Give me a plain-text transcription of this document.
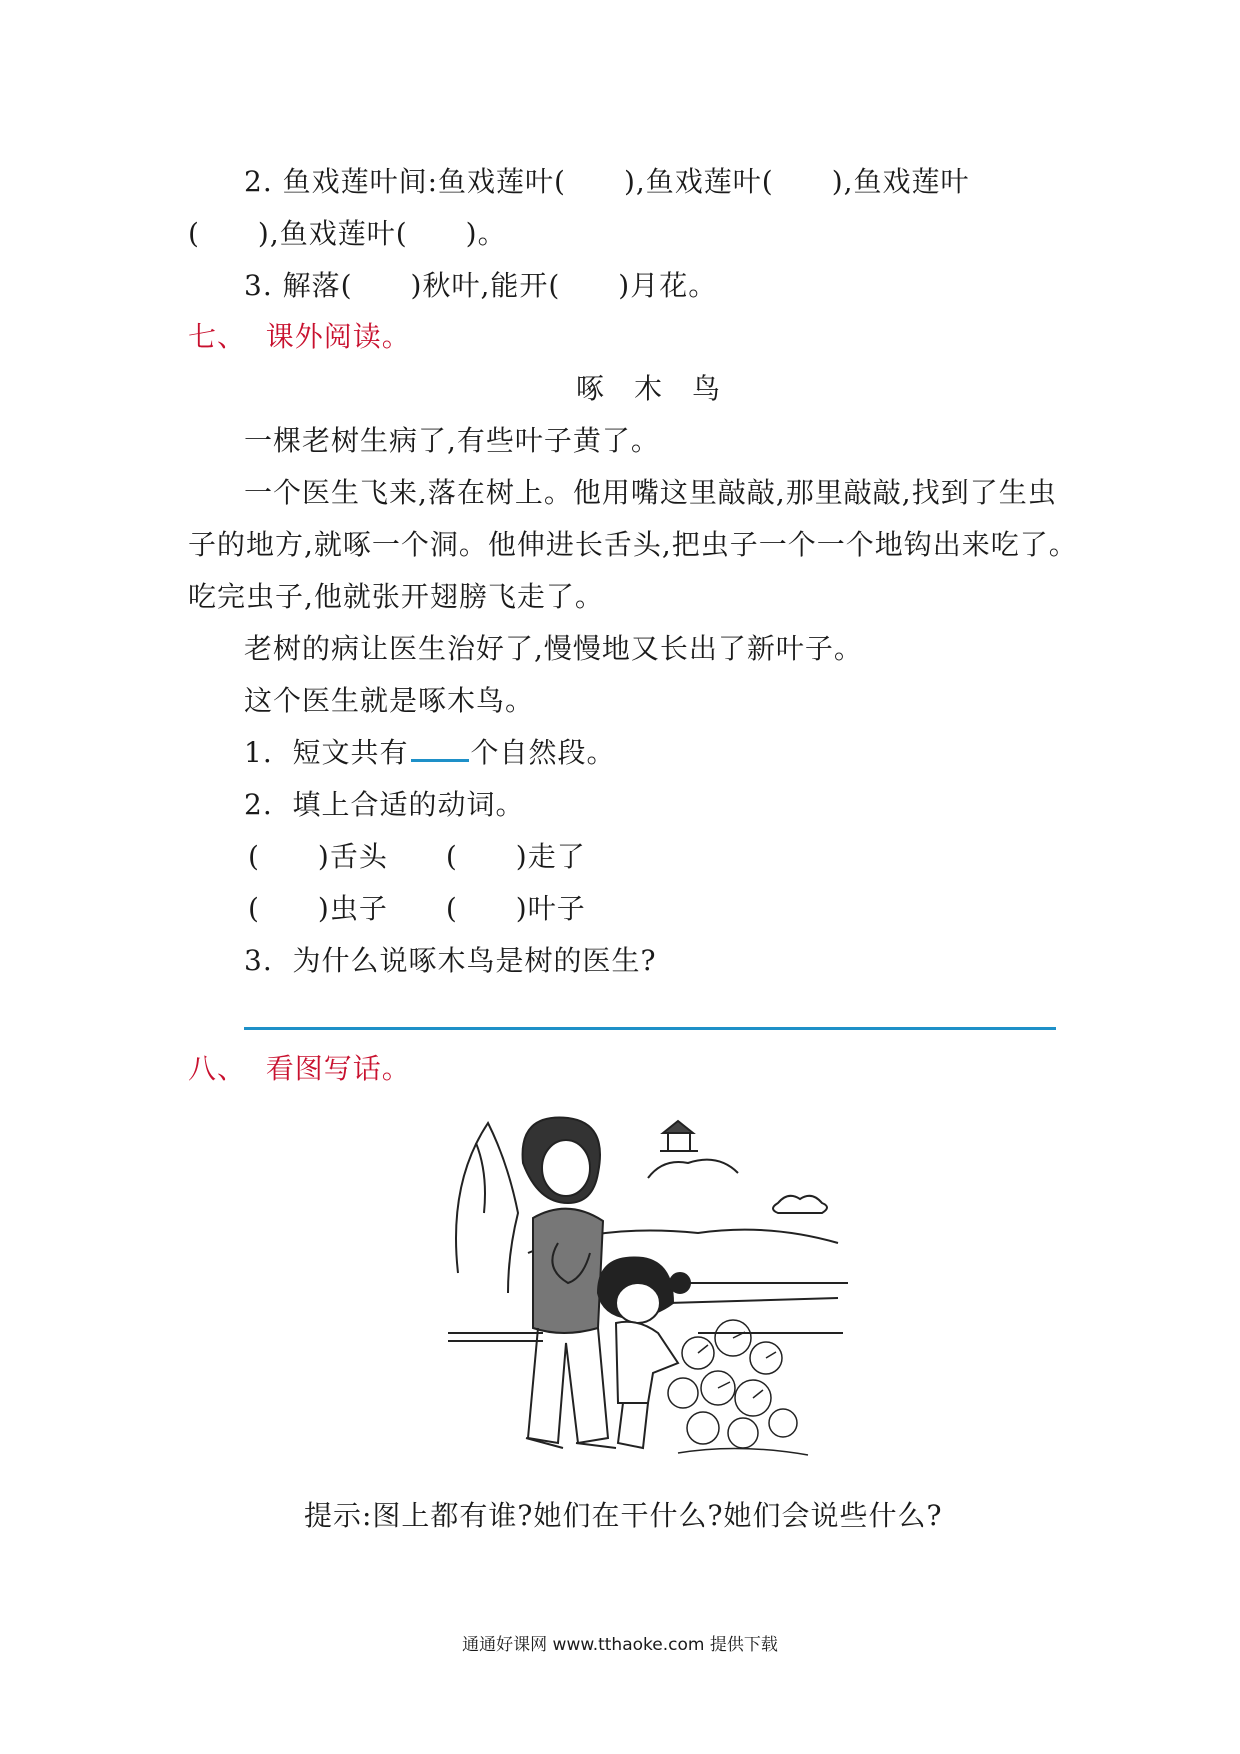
2. 鱼戏莲叶间:鱼戏莲叶(　　),鱼戏莲叶(　　),鱼戏莲叶
(　　),鱼戏莲叶(　　)。
3. 解落(　　)秋叶,能开(　　)月花。
七、  课外阅读。
啄　木　鸟
一棵老树生病了,有些叶子黄了。
一个医生飞来,落在树上。他用嘴这里敲敲,那里敲敲,找到了生虫
子的地方,就啄一个洞。他伸进长舌头,把虫子一个一个地钩出来吃了。
吃完虫子,他就张开翅膀飞走了。
老树的病让医生治好了,慢慢地又长出了新叶子。
这个医生就是啄木鸟。
1.  短文共有 个自然段。
2.  填上合适的动词。
(　　)舌头　　(　　)走了
(　　)虫子　　(　　)叶子
3.  为什么说啄木鸟是树的医生?
八、  看图写话。
提示:图上都有谁?她们在干什么?她们会说些什么?
通通好课网 www.tthaoke.com 提供下载
